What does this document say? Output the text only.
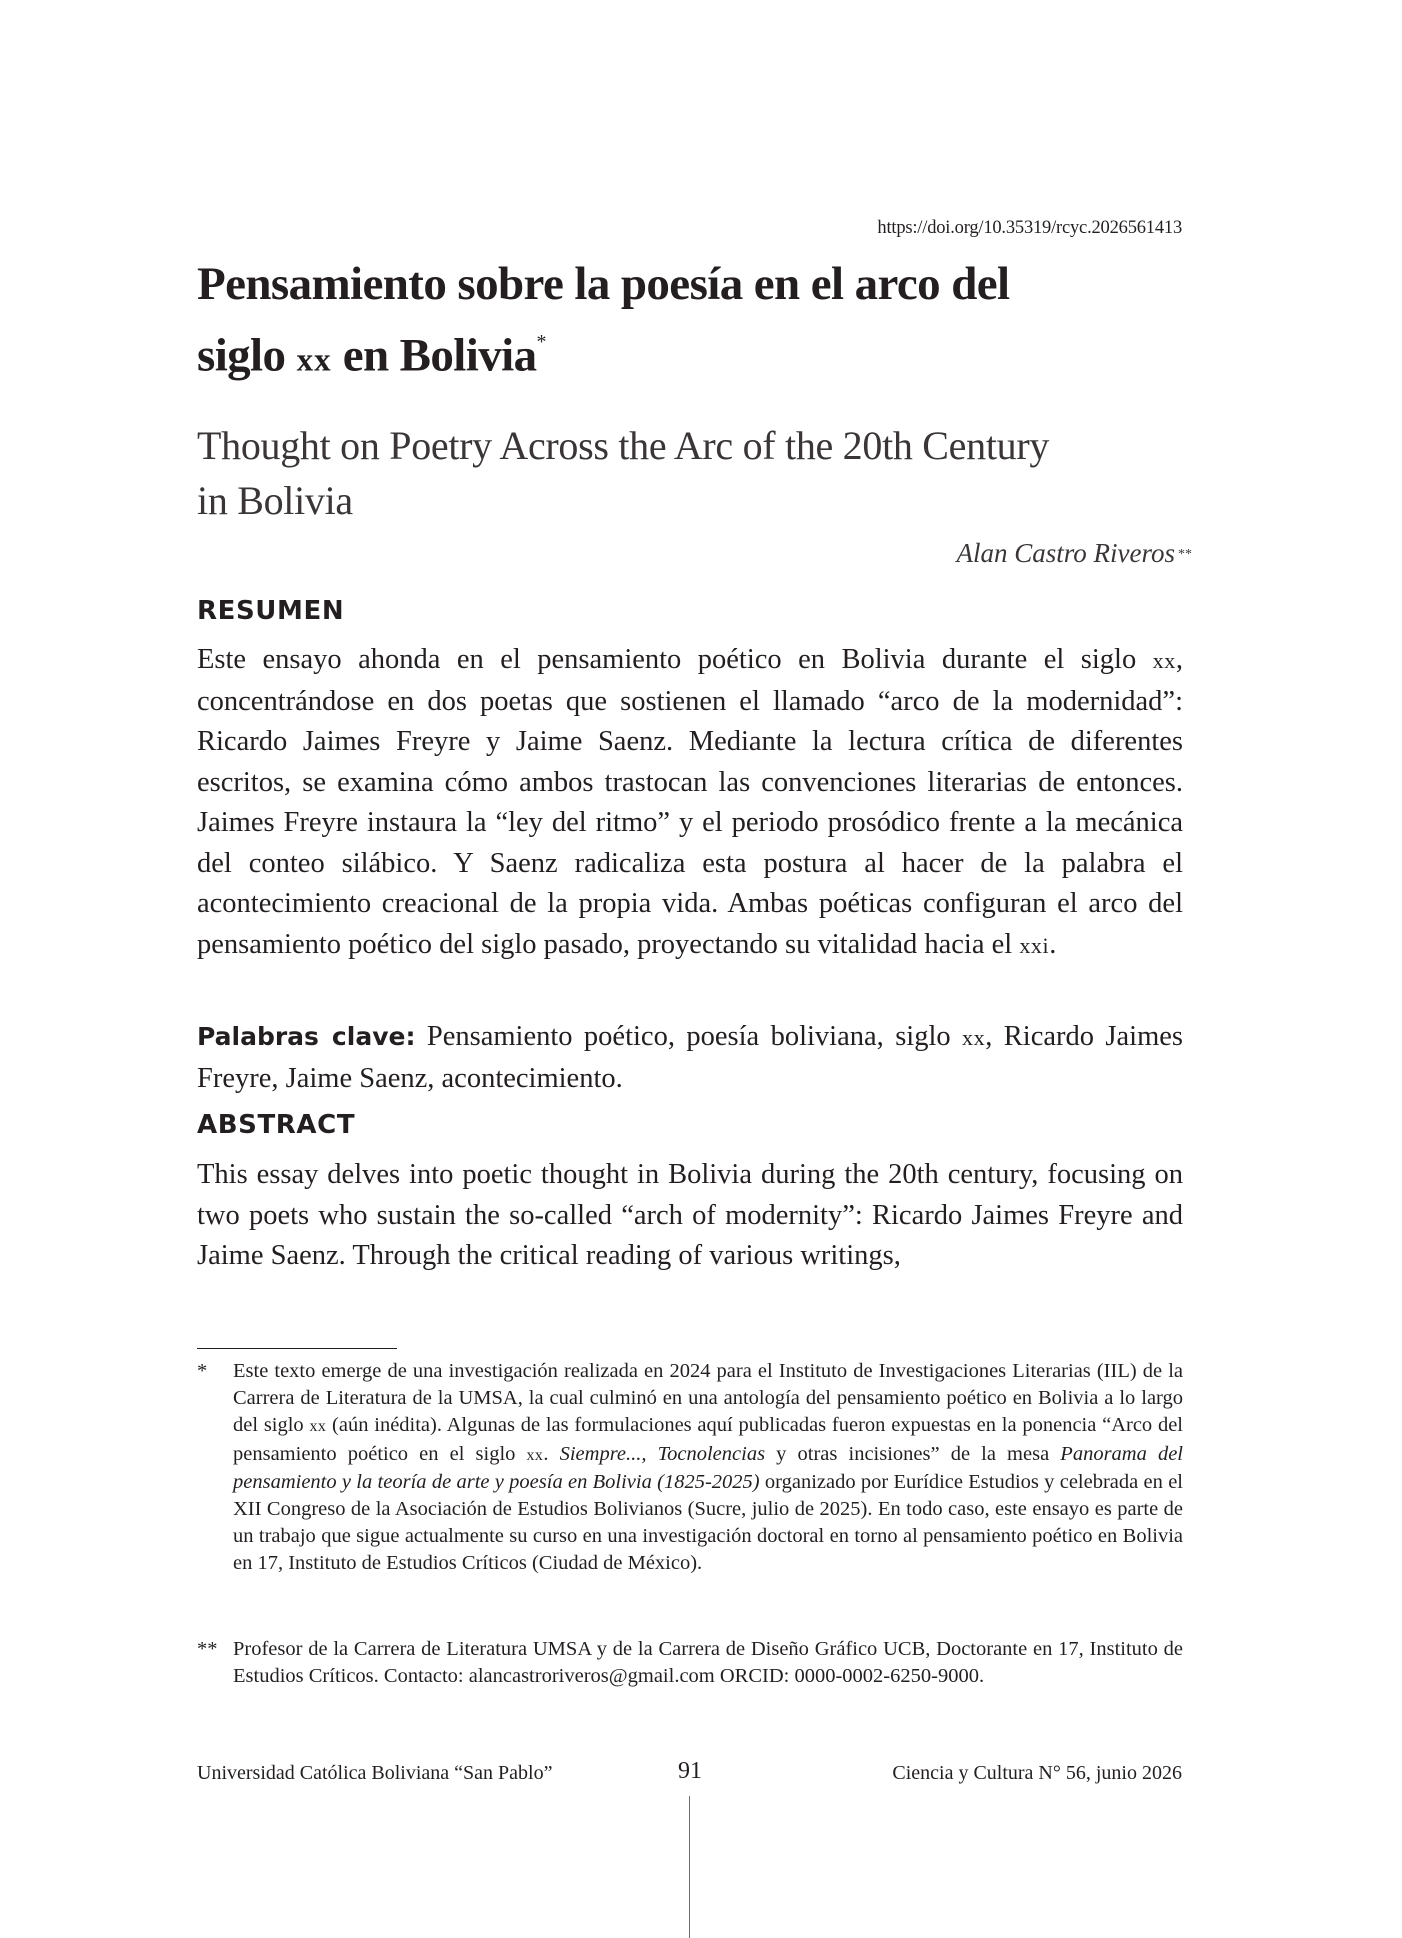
https://doi.org/10.35319/rcyc.2026561413
Pensamiento sobre la poesía en el arco del
siglo xx en Bolivia*
Thought on Poetry Across the Arc of the 20th Century
in Bolivia
Alan Castro Riveros **
RESUMEN
Este ensayo ahonda en el pensamiento poético en Bolivia durante el siglo xx, concentrándose en dos poetas que sostienen el llamado “arco de la modernidad”: Ricardo Jaimes Freyre y Jaime Saenz. Mediante la lectura crítica de diferentes escritos, se examina cómo ambos trastocan las convenciones literarias de entonces. Jaimes Freyre instaura la “ley del ritmo” y el periodo prosódico frente a la mecánica del conteo silábico. Y Saenz radicaliza esta postura al hacer de la palabra el acontecimiento creacional de la propia vida. Ambas poéticas configuran el arco del pensamiento poético del siglo pasado, proyectando su vitalidad hacia el xxi.
Palabras clave: Pensamiento poético, poesía boliviana, siglo xx, Ricardo Jaimes Freyre, Jaime Saenz, acontecimiento.
ABSTRACT
This essay delves into poetic thought in Bolivia during the 20th century, focusing on two poets who sustain the so-called “arch of modernity”: Ricardo Jaimes Freyre and Jaime Saenz. Through the critical reading of various writings,
*	Este texto emerge de una investigación realizada en 2024 para el Instituto de Investigaciones Literarias (IIL) de la Carrera de Literatura de la UMSA, la cual culminó en una antología del pensamiento poético en Bolivia a lo largo del siglo xx (aún inédita). Algunas de las formulaciones aquí publicadas fueron expuestas en la ponencia “Arco del pensamiento poético en el siglo xx. Siempre..., Tocnolencias y otras incisiones” de la mesa Panorama del pensamiento y la teoría de arte y poesía en Bolivia (1825-2025) organizado por Eurídice Estudios y celebrada en el XII Congreso de la Asociación de Estudios Bolivianos (Sucre, julio de 2025). En todo caso, este ensayo es parte de un trabajo que sigue actualmente su curso en una investigación doctoral en torno al pensamiento poético en Bolivia en 17, Instituto de Estudios Críticos (Ciudad de México).
** Profesor de la Carrera de Literatura UMSA y de la Carrera de Diseño Gráfico UCB, Doctorante en 17, Instituto de Estudios Críticos. Contacto: alancastroriveros@gmail.com ORCID: 0000-0002-6250-9000.
Universidad Católica Boliviana “San Pablo”	91	Ciencia y Cultura N° 56, junio 2026
